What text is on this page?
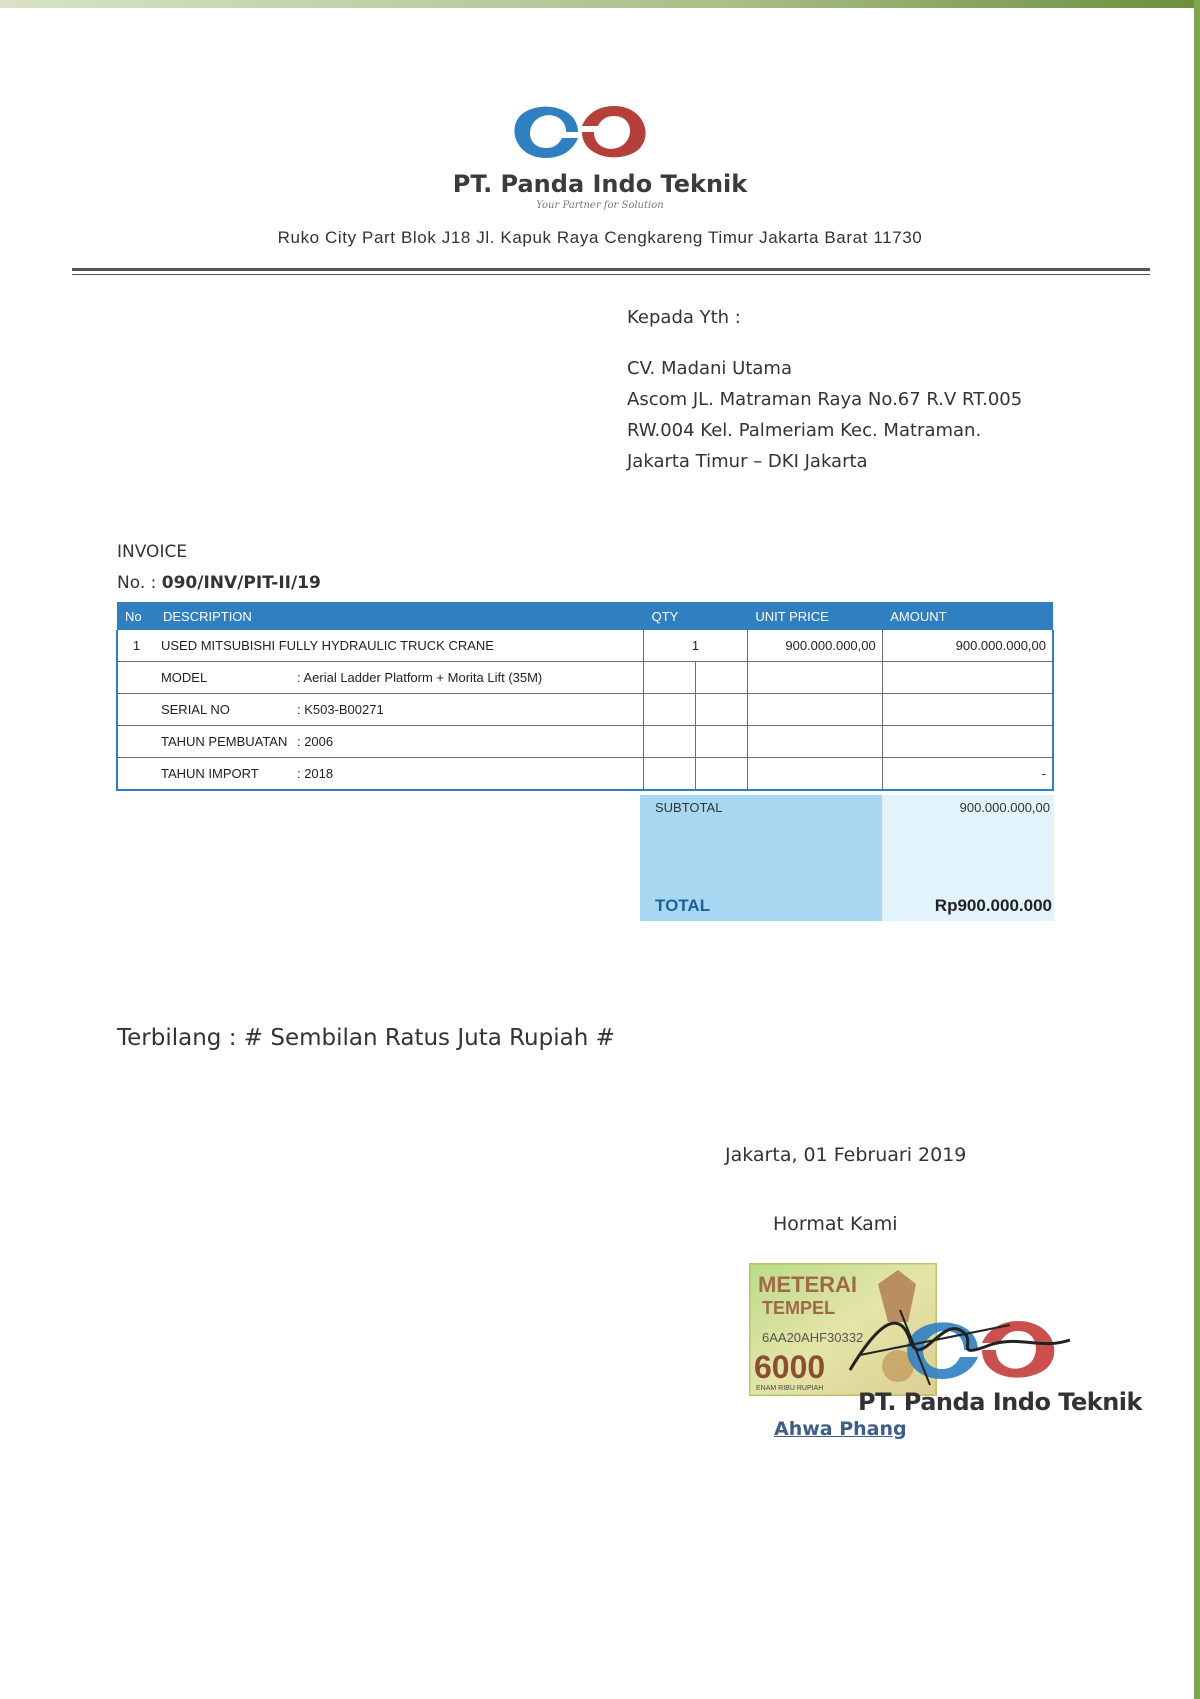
PT. Panda Indo Teknik
Your Partner for Solution
Ruko City Part Blok J18 Jl. Kapuk Raya Cengkareng Timur Jakarta Barat 11730
Kepada Yth :
CV. Madani Utama
Ascom JL. Matraman Raya No.67 R.V RT.005
RW.004 Kel. Palmeriam Kec. Matraman.
Jakarta Timur – DKI Jakarta
INVOICE
No. : 090/INV/PIT-II/19
No	DESCRIPTION	QTY		UNIT PRICE	AMOUNT
1	USED MITSUBISHI FULLY HYDRAULIC TRUCK CRANE	1		900.000.000,00	900.000.000,00
	MODEL : Aerial Ladder Platform + Morita Lift (35M)				
	SERIAL NO : K503-B00271				
	TAHUN PEMBUATAN : 2006				
	TAHUN IMPORT : 2018				-
SUBTOTAL	900.000.000,00
TOTAL	Rp900.000.000
Terbilang : # Sembilan Ratus Juta Rupiah #
Jakarta, 01 Februari 2019
Hormat Kami
METERAI
TEMPEL
6AA20AHF30332
6000
ENAM RIBU RUPIAH PT. Panda Indo Teknik
Ahwa Phang
